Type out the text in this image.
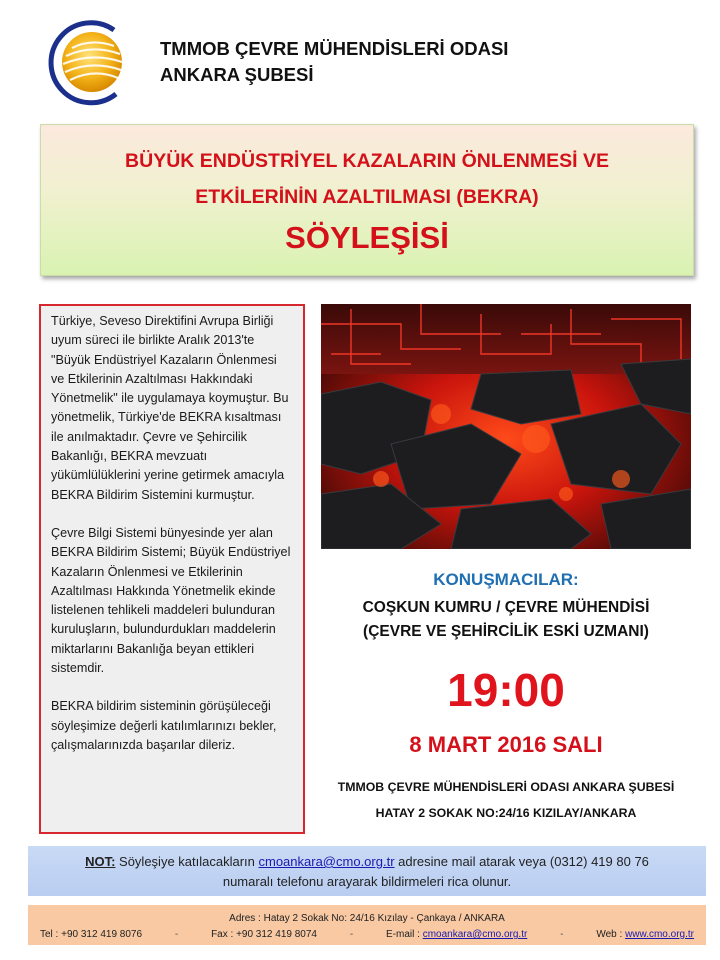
TMMOB ÇEVRE MÜHENDİSLERİ ODASI
ANKARA ŞUBESİ
BÜYÜK ENDÜSTRİYEL KAZALARIN ÖNLENMESİ VE
ETKİLERİNİN AZALTILMASI (BEKRA)
SÖYLEŞİSİ

Türkiye, Seveso Direktifini Avrupa Birliği uyum süreci ile birlikte Aralık 2013'te "Büyük Endüstriyel Kazaların Önlenmesi ve Etkilerinin Azaltılması Hakkındaki Yönetmelik" ile uygulamaya koymuştur. Bu yönetmelik, Türkiye'de BEKRA kısaltması ile anılmaktadır. Çevre ve Şehircilik Bakanlığı, BEKRA mevzuatı yükümlülüklerini yerine getirmek amacıyla BEKRA Bildirim Sistemini kurmuştur.

Çevre Bilgi Sistemi bünyesinde yer alan BEKRA Bildirim Sistemi; Büyük Endüstriyel Kazaların Önlenmesi ve Etkilerinin Azaltılması Hakkında Yönetmelik ekinde listelenen tehlikeli maddeleri bulunduran kuruluşların, bulundurdukları maddelerin miktarlarını Bakanlığa beyan ettikleri sistemdir.

BEKRA bildirim sisteminin görüşüleceği söyleşimize değerli katılımlarınızı bekler, çalışmalarınızda başarılar dileriz.

KONUŞMACILAR:
COŞKUN KUMRU / ÇEVRE MÜHENDİSİ
(ÇEVRE VE ŞEHİRCİLİK ESKİ UZMANI)
19:00
8 MART 2016 SALI
TMMOB ÇEVRE MÜHENDİSLERİ ODASI ANKARA ŞUBESİ
HATAY 2 SOKAK NO:24/16 KIZILAY/ANKARA
NOT: Söyleşiye katılacakların cmoankara@cmo.org.tr adresine mail atarak veya (0312) 419 80 76
numaralı telefonu arayarak bildirmeleri rica olunur.
Adres : Hatay 2 Sokak No: 24/16 Kızılay - Çankaya / ANKARA
Tel : +90 312 419 8076	-	Fax : +90 312 419 8074	-	E-mail : cmoankara@cmo.org.tr	-	Web : www.cmo.org.tr
